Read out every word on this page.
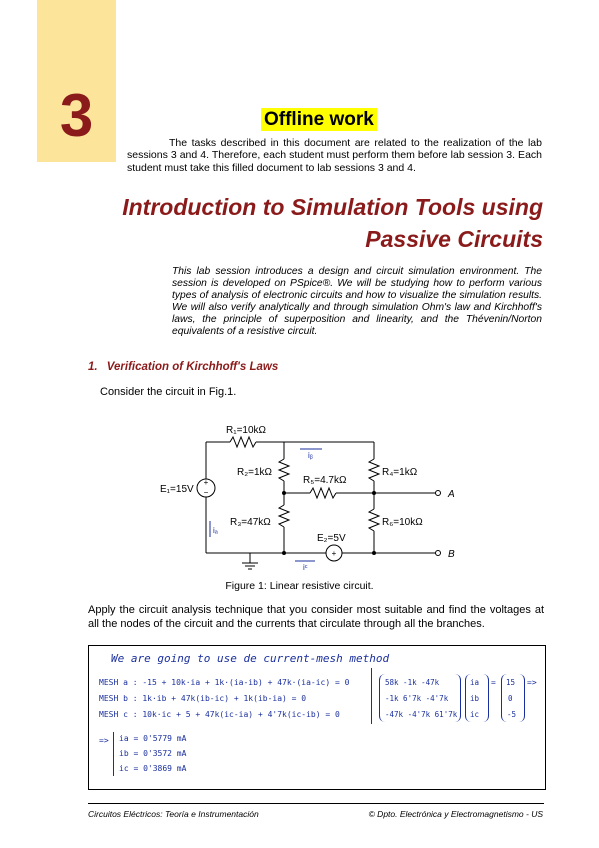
3	Offline work
The tasks described in this document are related to the realization of the lab sessions 3 and 4. Therefore, each student must perform them before lab session 3. Each student must take this filled document to lab sessions 3 and 4.
Introduction to Simulation Tools using
Passive Circuits
This lab session introduces a design and circuit simulation environment. The session is developed on PSpice®. We will be studying how to perform various types of analysis of electronic circuits and how to visualize the simulation results. We will also verify analytically and through simulation Ohm's law and Kirchhoff's laws, the principle of superposition and linearity, and the Thévenin/Norton equivalents of a resistive circuit.
1. Verification of Kirchhoff's Laws
Consider the circuit in Fig.1.
+
−
+
R₁=10kΩ
R₂=1kΩ
R₃=47kΩ
R₄=1kΩ
R₅=4.7kΩ
R₆=10kΩ
E₁=15V
E₂=5V
A
B
iᵦ
iₐ
iᶜ
Figure 1: Linear resistive circuit.
Apply the circuit analysis technique that you consider most suitable and find the voltages at all the nodes of the circuit and the currents that circulate through all the branches.
We are going to use de current-mesh method
MESH a : -15 + 10k·ia + 1k·(ia-ib) + 47k·(ia-ic) = 0
MESH b : 1k·ib + 47k(ib-ic) + 1k(ib-ia) = 0
MESH c : 10k·ic + 5 + 47k(ic-ia) + 4'7k(ic-ib) = 0
58k -1k -47k
-1k 6'7k -4'7k
-47k -4'7k 61'7k
ia
ib
ic
= 15
0
-5
=>
=> ia = 0'5779 mA
ib = 0'3572 mA
ic = 0'3869 mA
Circuitos Eléctricos: Teoría e Instrumentación	© Dpto. Electrónica y Electromagnetismo - US
